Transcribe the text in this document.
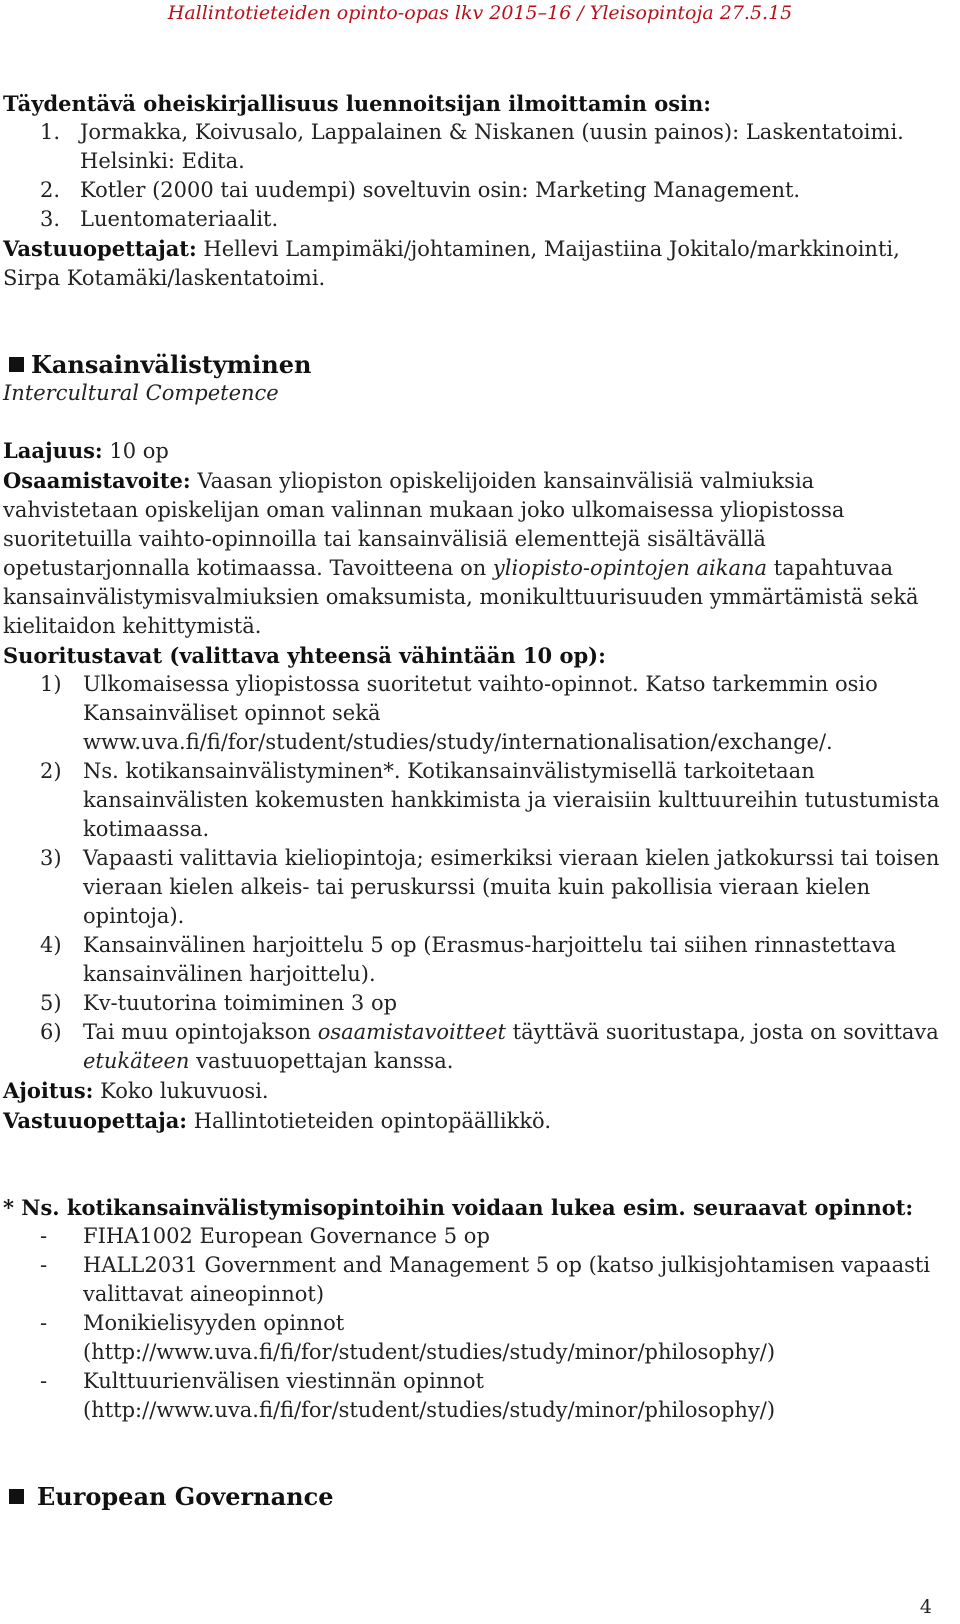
Hallintotieteiden opinto-opas lkv 2015–16 / Yleisopintoja 27.5.15
Täydentävä oheiskirjallisuus luennoitsijan ilmoittamin osin:
1. Jormakka, Koivusalo, Lappalainen & Niskanen (uusin painos): Laskentatoimi. Helsinki: Edita.
2. Kotler (2000 tai uudempi) soveltuvin osin: Marketing Management.
3. Luentomateriaalit.
Vastuuopettajat: Hellevi Lampimäki/johtaminen, Maijastiina Jokitalo/markkinointi, Sirpa Kotamäki/laskentatoimi.
Kansainvälistyminen
Intercultural Competence
Laajuus: 10 op
Osaamistavoite: Vaasan yliopiston opiskelijoiden kansainvälisiä valmiuksia vahvistetaan opiskelijan oman valinnan mukaan joko ulkomaisessa yliopistossa suoritetuilla vaihto-opinnoilla tai kansainvälisiä elementtejä sisältävällä opetustarjonnalla kotimaassa. Tavoitteena on yliopisto-opintojen aikana tapahtuvaa kansainvälistymisvalmiuksien omaksumista, monikulttuurisuuden ymmärtämistä sekä kielitaidon kehittymistä.
Suoritustavat (valittava yhteensä vähintään 10 op):
1)	Ulkomaisessa yliopistossa suoritetut vaihto-opinnot. Katso tarkemmin osio Kansainväliset opinnot sekä www.uva.fi/fi/for/student/studies/study/internationalisation/exchange/.
2)	Ns. kotikansainvälistyminen*. Kotikansainvälistymisellä tarkoitetaan kansainvälisten kokemusten hankkimista ja vieraisiin kulttuureihin tutustumista kotimaassa.
3)	Vapaasti valittavia kieliopintoja; esimerkiksi vieraan kielen jatkokurssi tai toisen vieraan kielen alkeis- tai peruskurssi (muita kuin pakollisia vieraan kielen opintoja).
4)	Kansainvälinen harjoittelu 5 op (Erasmus-harjoittelu tai siihen rinnastettava kansainvälinen harjoittelu).
5)	Kv-tuutorina toimiminen 3 op
6)	Tai muu opintojakson osaamistavoitteet täyttävä suoritustapa, josta on sovittava etukäteen vastuuopettajan kanssa.
Ajoitus: Koko lukuvuosi.
Vastuuopettaja: Hallintotieteiden opintopäällikkö.
* Ns. kotikansainvälistymisopintoihin voidaan lukea esim. seuraavat opinnot:
-	FIHA1002 European Governance 5 op
-	HALL2031 Government and Management 5 op (katso julkisjohtamisen vapaasti valittavat aineopinnot)
-	Monikielisyyden opinnot (http://www.uva.fi/fi/for/student/studies/study/minor/philosophy/)
-	Kulttuurienvälisen viestinnän opinnot (http://www.uva.fi/fi/for/student/studies/study/minor/philosophy/)
European Governance
4
